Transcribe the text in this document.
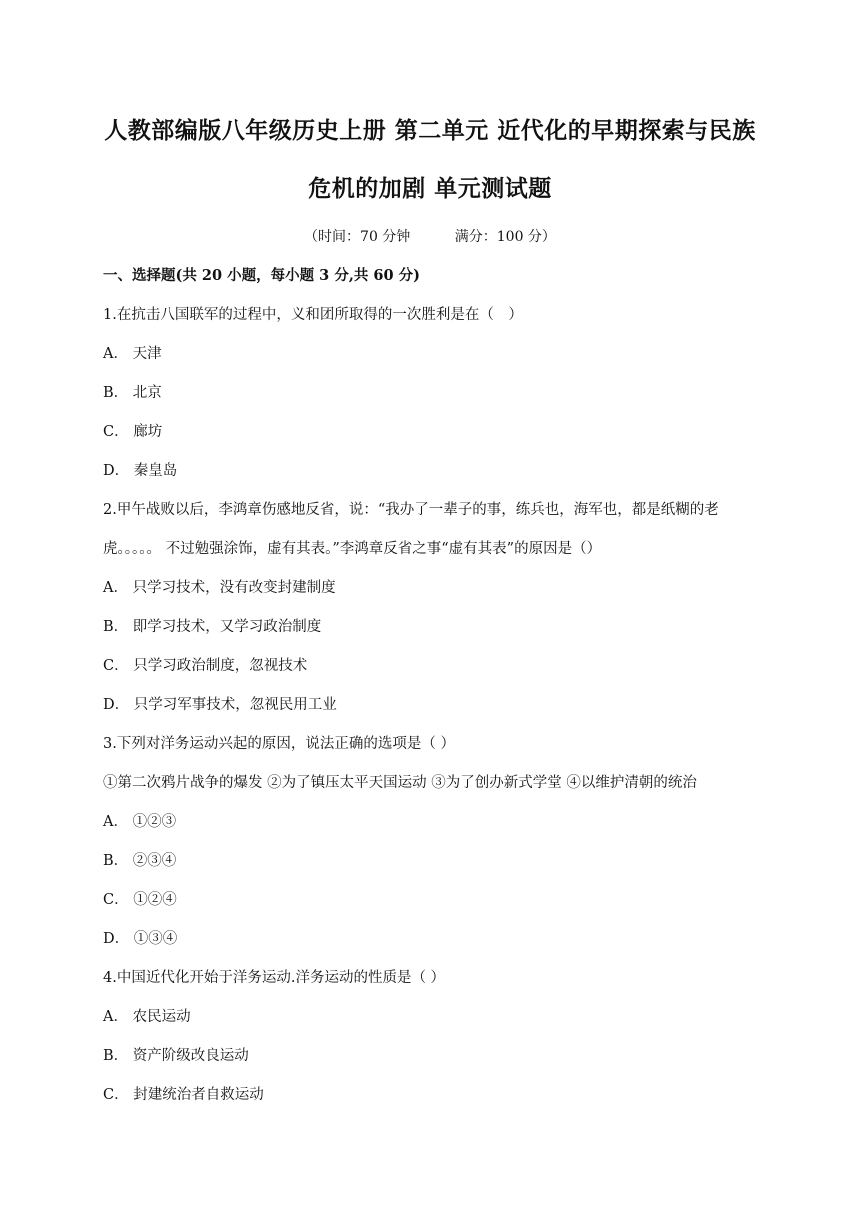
人教部编版八年级历史上册 第二单元 近代化的早期探索与民族
危机的加剧 单元测试题
（时间：70 分钟	满分：100 分）
一、选择题(共 20 小题，每小题 3 分,共 60 分)
1.在抗击八国联军的过程中，义和团所取得的一次胜利是在（　）
A． 天津
B． 北京
C． 廊坊
D． 秦皇岛
2.甲午战败以后，李鸿章伤感地反省，说：“我办了一辈子的事，练兵也，海军也，都是纸糊的老
虎。。。。。 不过勉强涂饰，虚有其表。”李鸿章反省之事“虚有其表”的原因是（）
A． 只学习技术，没有改变封建制度
B． 即学习技术，又学习政治制度
C． 只学习政治制度，忽视技术
D． 只学习军事技术，忽视民用工业
3.下列对洋务运动兴起的原因，说法正确的选项是（ ）
①第二次鸦片战争的爆发 ②为了镇压太平天国运动 ③为了创办新式学堂 ④以维护清朝的统治
A． ①②③
B． ②③④
C． ①②④
D． ①③④
4.中国近代化开始于洋务运动.洋务运动的性质是（ ）
A． 农民运动
B． 资产阶级改良运动
C． 封建统治者自救运动
